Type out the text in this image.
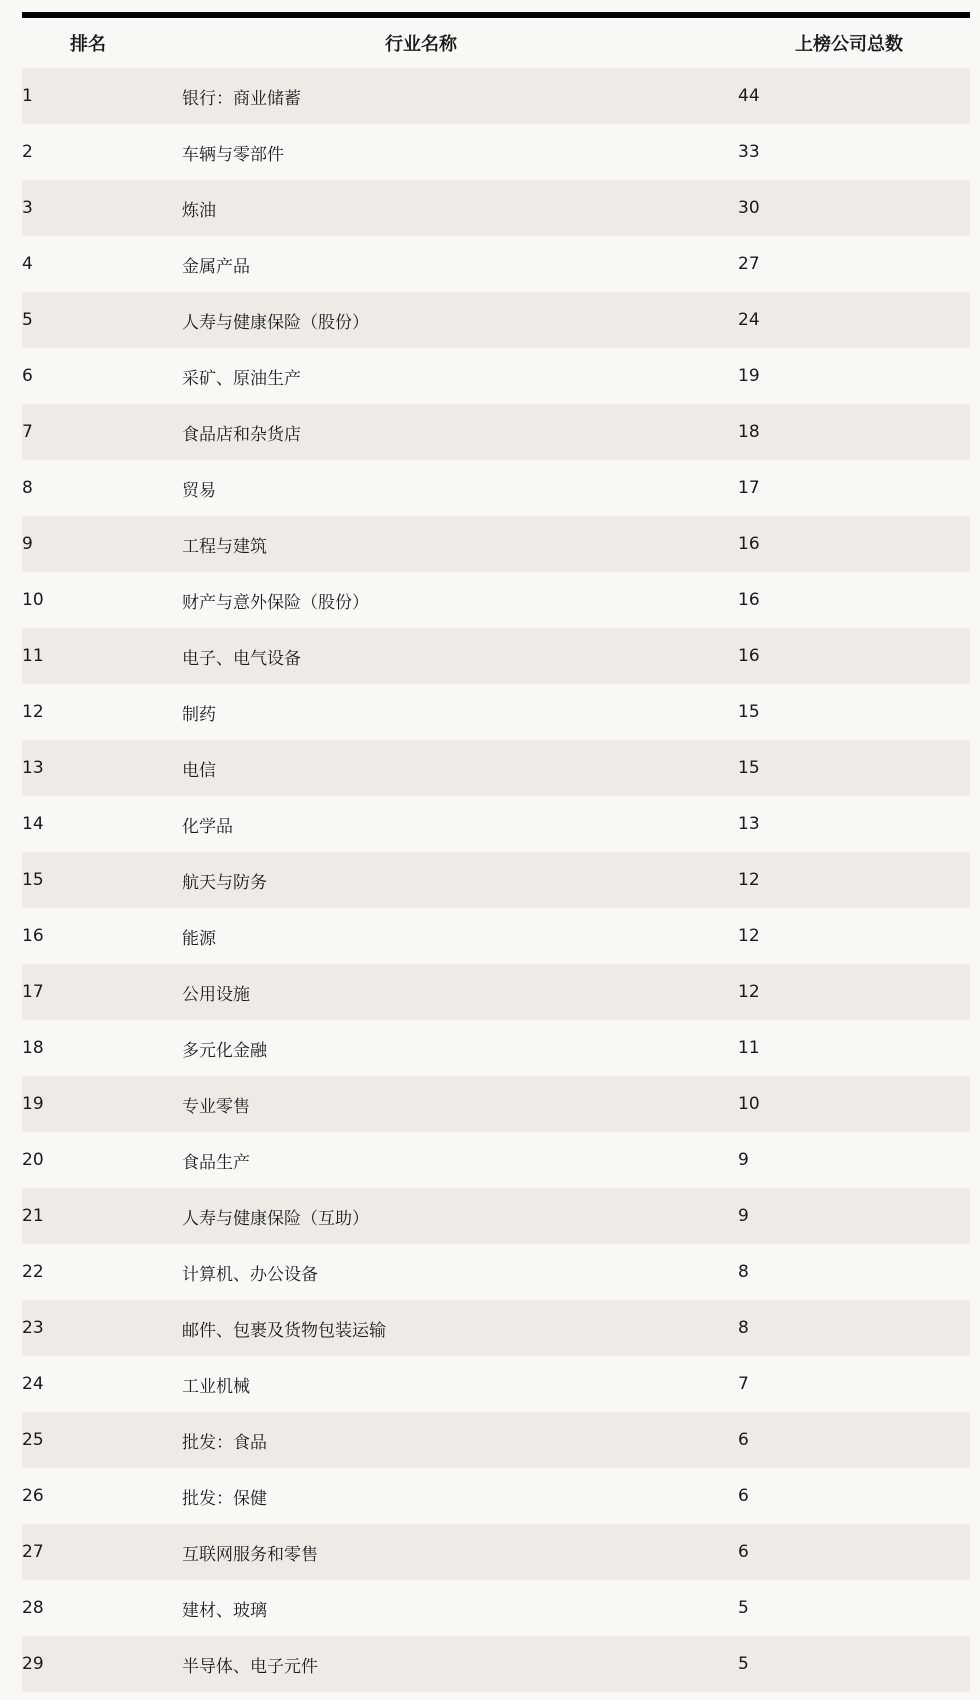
排名	行业名称	上榜公司总数
1	银行：商业储蓄	44
2	车辆与零部件	33
3	炼油	30
4	金属产品	27
5	人寿与健康保险（股份）	24
6	采矿、原油生产	19
7	食品店和杂货店	18
8	贸易	17
9	工程与建筑	16
10	财产与意外保险（股份）	16
11	电子、电气设备	16
12	制药	15
13	电信	15
14	化学品	13
15	航天与防务	12
16	能源	12
17	公用设施	12
18	多元化金融	11
19	专业零售	10
20	食品生产	9
21	人寿与健康保险（互助）	9
22	计算机、办公设备	8
23	邮件、包裹及货物包装运输	8
24	工业机械	7
25	批发：食品	6
26	批发：保健	6
27	互联网服务和零售	6
28	建材、玻璃	5
29	半导体、电子元件	5
